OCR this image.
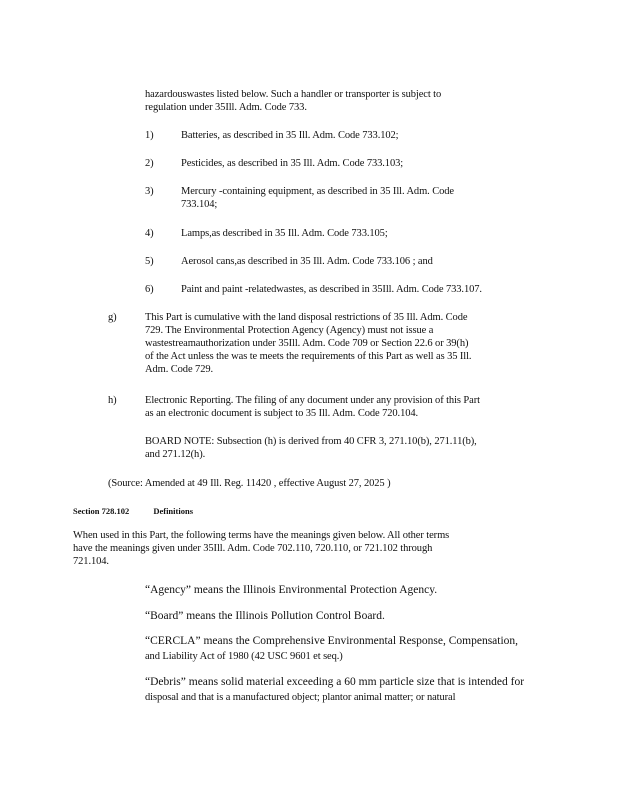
hazardouswastes listed below. Such a handler or transporter is subject to
regulation under 35Ill. Adm. Code 733.
1)	Batteries, as described in 35 Ill. Adm. Code 733.102;
2)	Pesticides, as described in 35 Ill. Adm. Code 733.103;
3)	Mercury -containing equipment, as described in 35 Ill. Adm. Code
733.104;
4)	Lamps,as described in 35 Ill. Adm. Code 733.105;
5)	Aerosol cans,as described in 35 Ill. Adm. Code 733.106 ; and
6)	Paint and paint -relatedwastes, as described in 35Ill. Adm. Code 733.107.
g)	This Part is cumulative with the land disposal restrictions of 35 Ill. Adm. Code
729. The Environmental Protection Agency (Agency) must not issue a
wastestreamauthorization under 35Ill. Adm. Code 709 or Section 22.6 or 39(h)
of the Act unless the was te meets the requirements of this Part as well as 35 Ill.
Adm. Code 729.
h)	Electronic Reporting. The filing of any document under any provision of this Part
as an electronic document is subject to 35 Ill. Adm. Code 720.104.
BOARD NOTE: Subsection (h) is derived from 40 CFR 3, 271.10(b), 271.11(b),
and 271.12(h).
(Source: Amended at 49 Ill. Reg. 11420 , effective August 27, 2025 )
Section 728.102	Definitions
When used in this Part, the following terms have the meanings given below. All other terms
have the meanings given under 35Ill. Adm. Code 702.110, 720.110, or 721.102 through
721.104.
“Agency” means the Illinois Environmental Protection Agency.
“Board” means the Illinois Pollution Control Board.
“CERCLA” means the Comprehensive Environmental Response, Compensation,
and Liability Act of 1980 (42 USC 9601 et seq.)
“Debris” means solid material exceeding a 60 mm particle size that is intended for
disposal and that is a manufactured object; plantor animal matter; or natural
